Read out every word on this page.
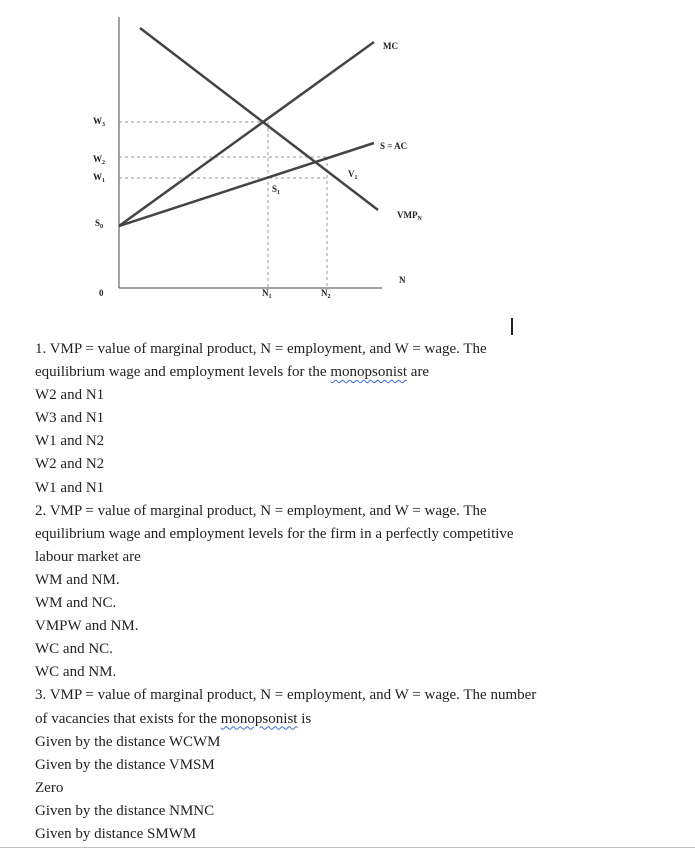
MC
S = AC
$VMP_N$
N
0
$W_3$
$W_2$
$W_1$
$S_0$
$S_1$
$V_1$
$N_1$	$N_2$

1. VMP = value of marginal product, N = employment, and W = wage. The

equilibrium wage and employment levels for the monopsonist are

W2 and N1

W3 and N1

W1 and N2

W2 and N2

W1 and N1

2. VMP = value of marginal product, N = employment, and W = wage. The

equilibrium wage and employment levels for the firm in a perfectly competitive

labour market are

WM and NM.

WM and NC.

VMPW and NM.

WC and NC.

WC and NM.

3. VMP = value of marginal product, N = employment, and W = wage. The number

of vacancies that exists for the monopsonist is

Given by the distance WCWM

Given by the distance VMSM

Zero

Given by the distance NMNC

Given by distance SMWM
